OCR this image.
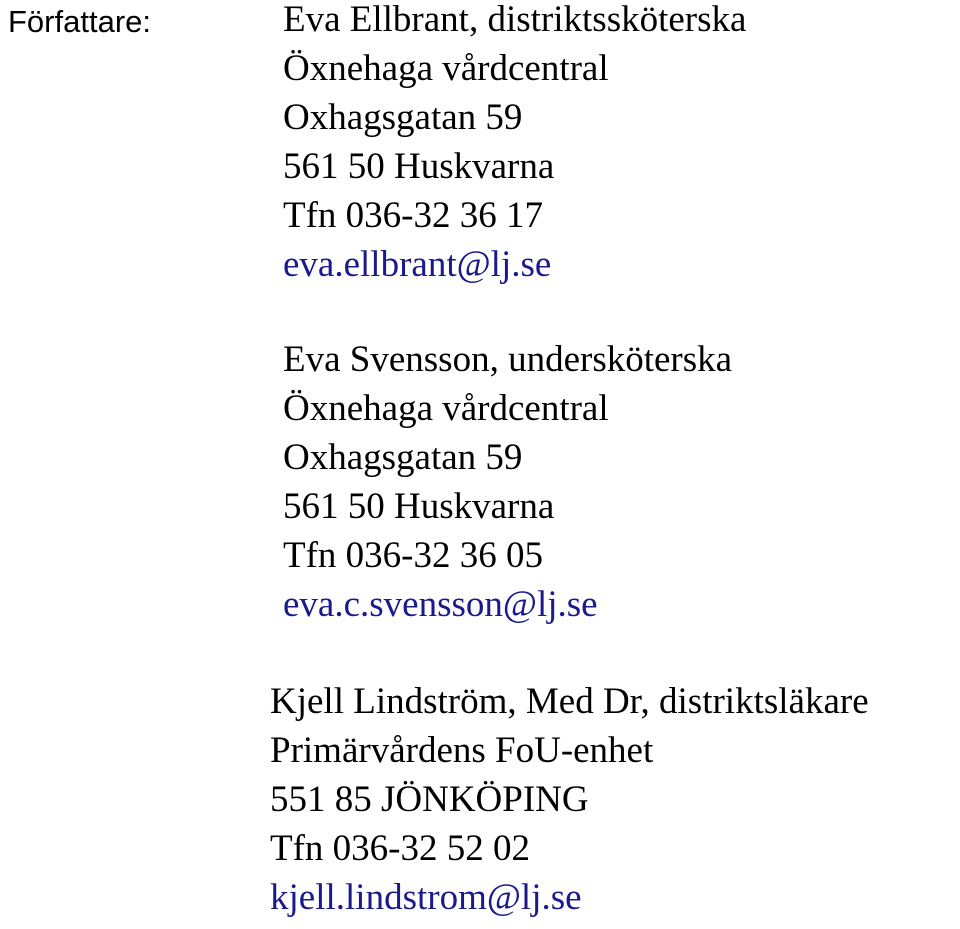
Författare:	Eva Ellbrant, distriktssköterska
Öxnehaga vårdcentral
Oxhagsgatan 59
561 50 Huskvarna
Tfn 036-32 36 17
eva.ellbrant@lj.se
Eva Svensson, undersköterska
Öxnehaga vårdcentral
Oxhagsgatan 59
561 50 Huskvarna
Tfn 036-32 36 05
eva.c.svensson@lj.se
Kjell Lindström, Med Dr, distriktsläkare
Primärvårdens FoU-enhet
551 85 JÖNKÖPING
Tfn 036-32 52 02
kjell.lindstrom@lj.se
